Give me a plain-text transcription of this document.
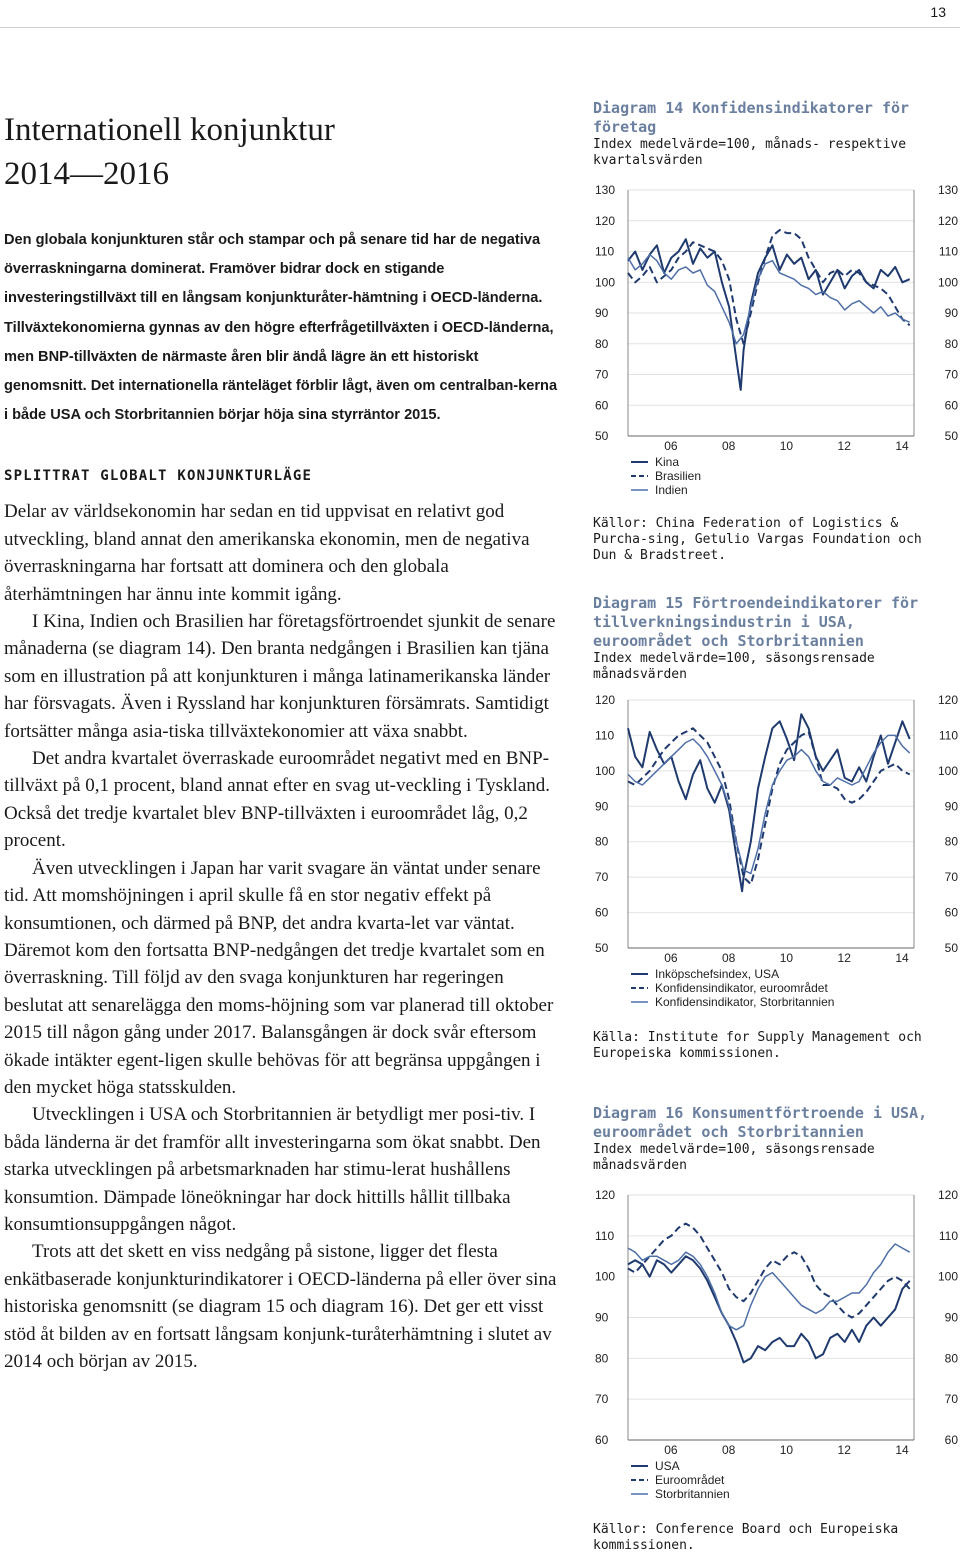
13
Internationell konjunktur
2014—2016

Den globala konjunkturen står och stampar och på senare tid har de negativa överraskningarna dominerat. Framöver bidrar dock en stigande investeringstillväxt till en långsam konjunkturåter-hämtning i OECD-länderna. Tillväxtekonomierna gynnas av den högre efterfrågetillväxten i OECD-länderna, men BNP-tillväxten de närmaste åren blir ändå lägre än ett historiskt genomsnitt. Det internationella ränteläget förblir lågt, även om centralban-kerna i både USA och Storbritannien börjar höja sina styrräntor 2015.

SPLITTRAT GLOBALT KONJUNKTURLÄGE

Delar av världsekonomin har sedan en tid uppvisat en relativt god utveckling, bland annat den amerikanska ekonomin, men de negativa överraskningarna har fortsatt att dominera och den globala återhämtningen har ännu inte kommit igång.

I Kina, Indien och Brasilien har företagsförtroendet sjunkit de senare månaderna (se diagram 14). Den branta nedgången i Brasilien kan tjäna som en illustration på att konjunkturen i många latinamerikanska länder har försvagats. Även i Ryssland har konjunkturen försämrats. Samtidigt fortsätter många asia-tiska tillväxtekonomier att växa snabbt.

Det andra kvartalet överraskade euroområdet negativt med en BNP-tillväxt på 0,1 procent, bland annat efter en svag ut-veckling i Tyskland. Också det tredje kvartalet blev BNP-tillväxten i euroområdet låg, 0,2 procent.

Även utvecklingen i Japan har varit svagare än väntat under senare tid. Att momshöjningen i april skulle få en stor negativ effekt på konsumtionen, och därmed på BNP, det andra kvarta-let var väntat. Däremot kom den fortsatta BNP-nedgången det tredje kvartalet som en överraskning. Till följd av den svaga konjunkturen har regeringen beslutat att senarelägga den moms-höjning som var planerad till oktober 2015 till någon gång under 2017. Balansgången är dock svår eftersom ökade intäkter egent-ligen skulle behövas för att begränsa uppgången i den mycket höga statsskulden.

Utvecklingen i USA och Storbritannien är betydligt mer posi-tiv. I båda länderna är det framför allt investeringarna som ökat snabbt. Den starka utvecklingen på arbetsmarknaden har stimu-lerat hushållens konsumtion. Dämpade löneökningar har dock hittills hållit tillbaka konsumtionsuppgången något.

Trots att det skett en viss nedgång på sistone, ligger det flesta enkätbaserade konjunkturindikatorer i OECD-länderna på eller över sina historiska genomsnitt (se diagram 15 och diagram 16). Det ger ett visst stöd åt bilden av en fortsatt långsam konjunk-turåterhämtning i slutet av 2014 och början av 2015.

Diagram 14 Konfidensindikatorer för företag
Index medelvärde=100, månads- respektive kvartalsvärden
50	50
60	60
70	70
80	80
90	90
100	100
110	110
120	120
130	130
06	08	10	12	14
Kina
Brasilien
Indien
Källor: China Federation of Logistics & Purcha-sing, Getulio Vargas Foundation och Dun & Bradstreet.
Diagram 15 Förtroendeindikatorer för tillverkningsindustrin i USA, euroområdet och Storbritannien
Index medelvärde=100, säsongsrensade månadsvärden
50	50
60	60
70	70
80	80
90	90
100	100
110	110
120	120
06	08	10	12	14
Inköpschefsindex, USA
Konfidensindikator, euroområdet
Konfidensindikator, Storbritannien
Källa: Institute for Supply Management och Europeiska kommissionen.
Diagram 16 Konsumentförtroende i USA, euroområdet och Storbritannien
Index medelvärde=100, säsongsrensade månadsvärden
60	60
70	70
80	80
90	90
100	100
110	110
120	120
06	08	10	12	14
USA
Euroområdet
Storbritannien
Källor: Conference Board och Europeiska kommissionen.
